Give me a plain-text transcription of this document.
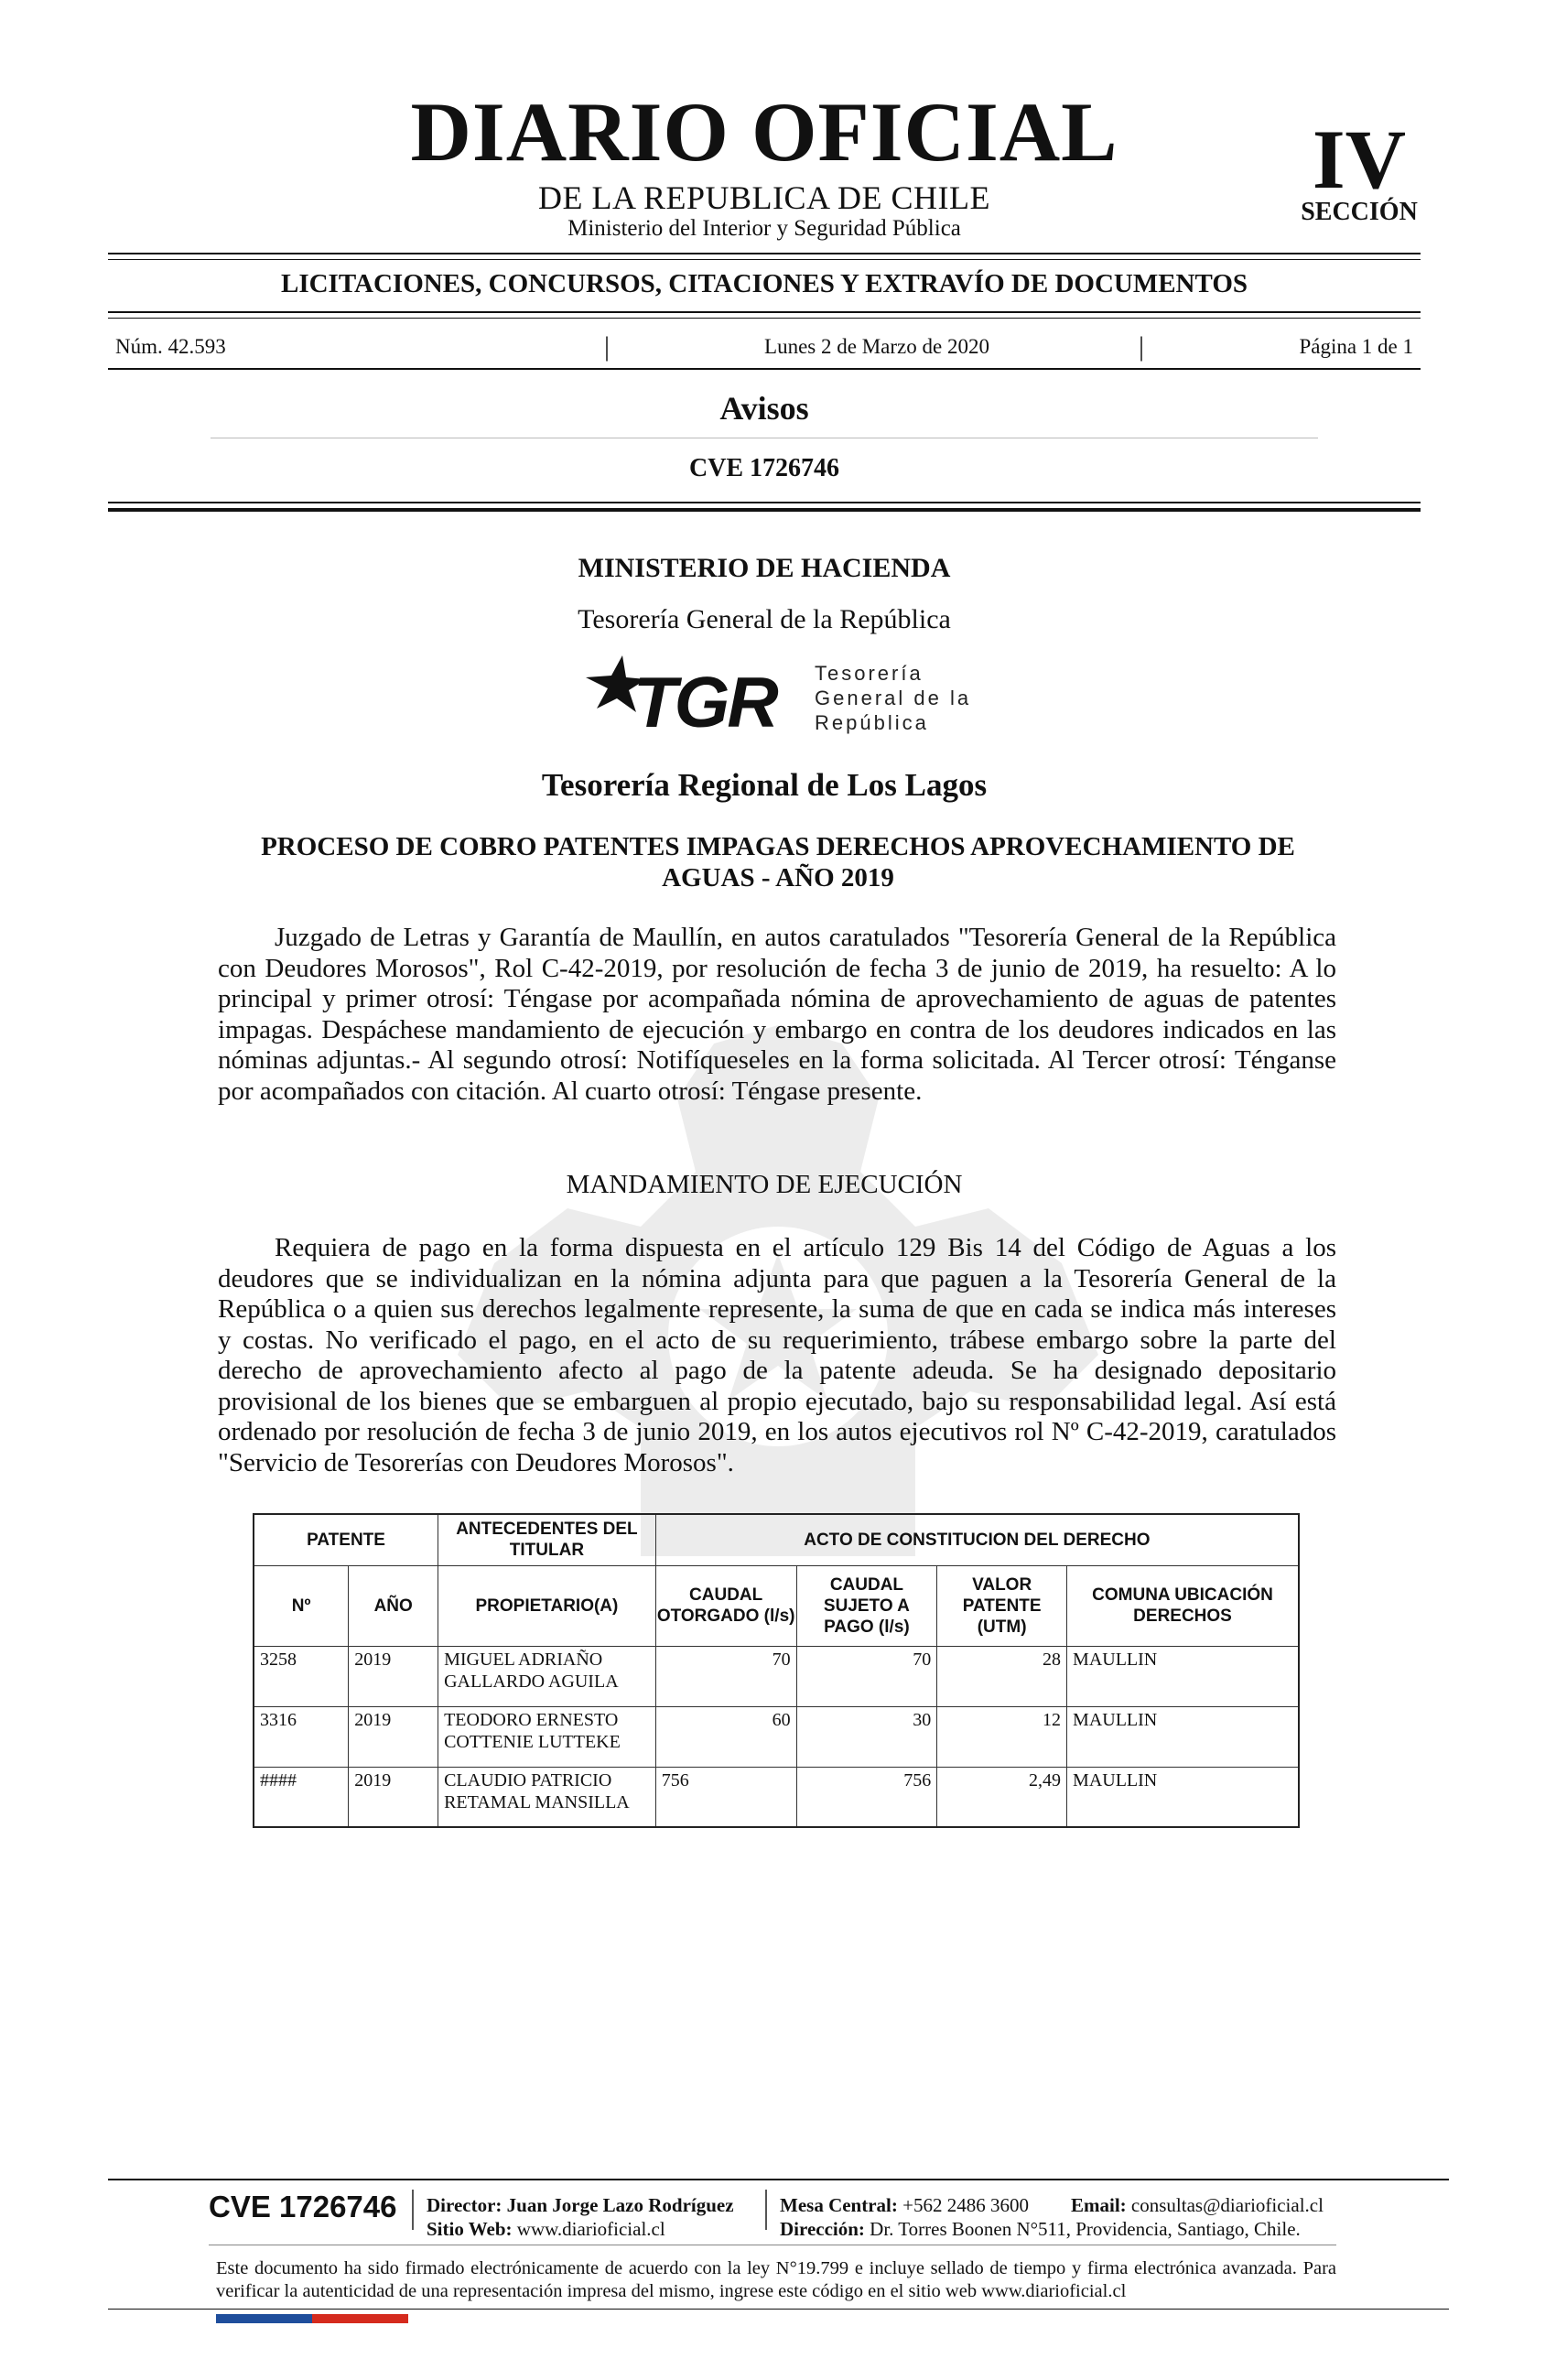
DIARIO OFICIAL
DE LA REPUBLICA DE CHILE
Ministerio del Interior y Seguridad Pública
IV
SECCIÓN
LICITACIONES, CONCURSOS, CITACIONES Y EXTRAVÍO DE DOCUMENTOS
Núm. 42.593	|	Lunes 2 de Marzo de 2020	|	Página 1 de 1
Avisos
CVE 1726746
MINISTERIO DE HACIENDA
Tesorería General de la República
TGR Tesorería
General de la
República
Tesorería Regional de Los Lagos
PROCESO DE COBRO PATENTES IMPAGAS DERECHOS APROVECHAMIENTO DE AGUAS - AÑO 2019

Juzgado de Letras y Garantía de Maullín, en autos caratulados "Tesorería General de la República con Deudores Morosos", Rol C-42-2019, por resolución de fecha 3 de junio de 2019, ha resuelto: A lo principal y primer otrosí: Téngase por acompañada nómina de aprovechamiento de aguas de patentes impagas. Despáchese mandamiento de ejecución y embargo en contra de los deudores indicados en las nóminas adjuntas.- Al segundo otrosí: Notifíqueseles en la forma solicitada. Al Tercer otrosí: Ténganse por acompañados con citación. Al cuarto otrosí: Téngase presente.

MANDAMIENTO DE EJECUCIÓN

Requiera de pago en la forma dispuesta en el artículo 129 Bis 14 del Código de Aguas a los deudores que se individualizan en la nómina adjunta para que paguen a la Tesorería General de la República o a quien sus derechos legalmente represente, la suma de que en cada se indica más intereses y costas. No verificado el pago, en el acto de su requerimiento, trábese embargo sobre la parte del derecho de aprovechamiento afecto al pago de la patente adeuda. Se ha designado depositario provisional de los bienes que se embarguen al propio ejecutado, bajo su responsabilidad legal. Así está ordenado por resolución de fecha 3 de junio 2019, en los autos ejecutivos rol Nº C-42-2019, caratulados "Servicio de Tesorerías con Deudores Morosos".

PATENTE		ANTECEDENTES DEL TITULAR	ACTO DE CONSTITUCION DEL DERECHO			
Nº	AÑO	PROPIETARIO(A)	CAUDAL OTORGADO (l/s)	CAUDAL SUJETO A PAGO (l/s)	VALOR PATENTE (UTM)	COMUNA UBICACIÓN DERECHOS
3258	2019	MIGUEL ADRIAÑO GALLARDO AGUILA	70	70	28	MAULLIN
3316	2019	TEODORO ERNESTO COTTENIE LUTTEKE	60	30	12	MAULLIN
####	2019	CLAUDIO PATRICIO RETAMAL MANSILLA	756	756	2,49	MAULLIN
CVE 1726746 Director: Juan Jorge Lazo Rodríguez
Sitio Web: www.diarioficial.cl
Mesa Central: +562 2486 3600 Email: consultas@diarioficial.cl
Dirección: Dr. Torres Boonen N°511, Providencia, Santiago, Chile.

Este documento ha sido firmado electrónicamente de acuerdo con la ley N°19.799 e incluye sellado de tiempo y firma electrónica avanzada. Para verificar la autenticidad de una representación impresa del mismo, ingrese este código en el sitio web www.diarioficial.cl
